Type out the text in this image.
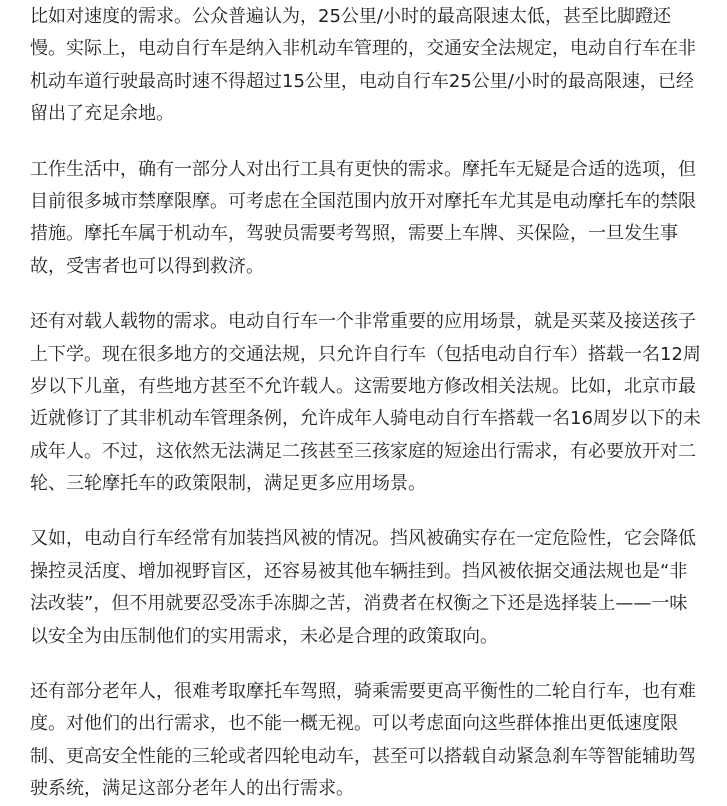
比如对速度的需求。公众普遍认为，25公里/小时的最高限速太低，甚至比脚蹬还
慢。实际上，电动自行车是纳入非机动车管理的，交通安全法规定，电动自行车在非
机动车道行驶最高时速不得超过15公里，电动自行车25公里/小时的最高限速，已经
留出了充足余地。

工作生活中，确有一部分人对出行工具有更快的需求。摩托车无疑是合适的选项，但
目前很多城市禁摩限摩。可考虑在全国范围内放开对摩托车尤其是电动摩托车的禁限
措施。摩托车属于机动车，驾驶员需要考驾照，需要上车牌、买保险，一旦发生事
故，受害者也可以得到救济。

还有对载人载物的需求。电动自行车一个非常重要的应用场景，就是买菜及接送孩子
上下学。现在很多地方的交通法规，只允许自行车（包括电动自行车）搭载一名12周
岁以下儿童，有些地方甚至不允许载人。这需要地方修改相关法规。比如，北京市最
近就修订了其非机动车管理条例，允许成年人骑电动自行车搭载一名16周岁以下的未
成年人。不过，这依然无法满足二孩甚至三孩家庭的短途出行需求，有必要放开对二
轮、三轮摩托车的政策限制，满足更多应用场景。

又如，电动自行车经常有加装挡风被的情况。挡风被确实存在一定危险性，它会降低
操控灵活度、增加视野盲区，还容易被其他车辆挂到。挡风被依据交通法规也是“非
法改装”，但不用就要忍受冻手冻脚之苦，消费者在权衡之下还是选择装上——一味
以安全为由压制他们的实用需求，未必是合理的政策取向。

还有部分老年人，很难考取摩托车驾照，骑乘需要更高平衡性的二轮自行车，也有难
度。对他们的出行需求，也不能一概无视。可以考虑面向这些群体推出更低速度限
制、更高安全性能的三轮或者四轮电动车，甚至可以搭载自动紧急刹车等智能辅助驾
驶系统，满足这部分老年人的出行需求。
